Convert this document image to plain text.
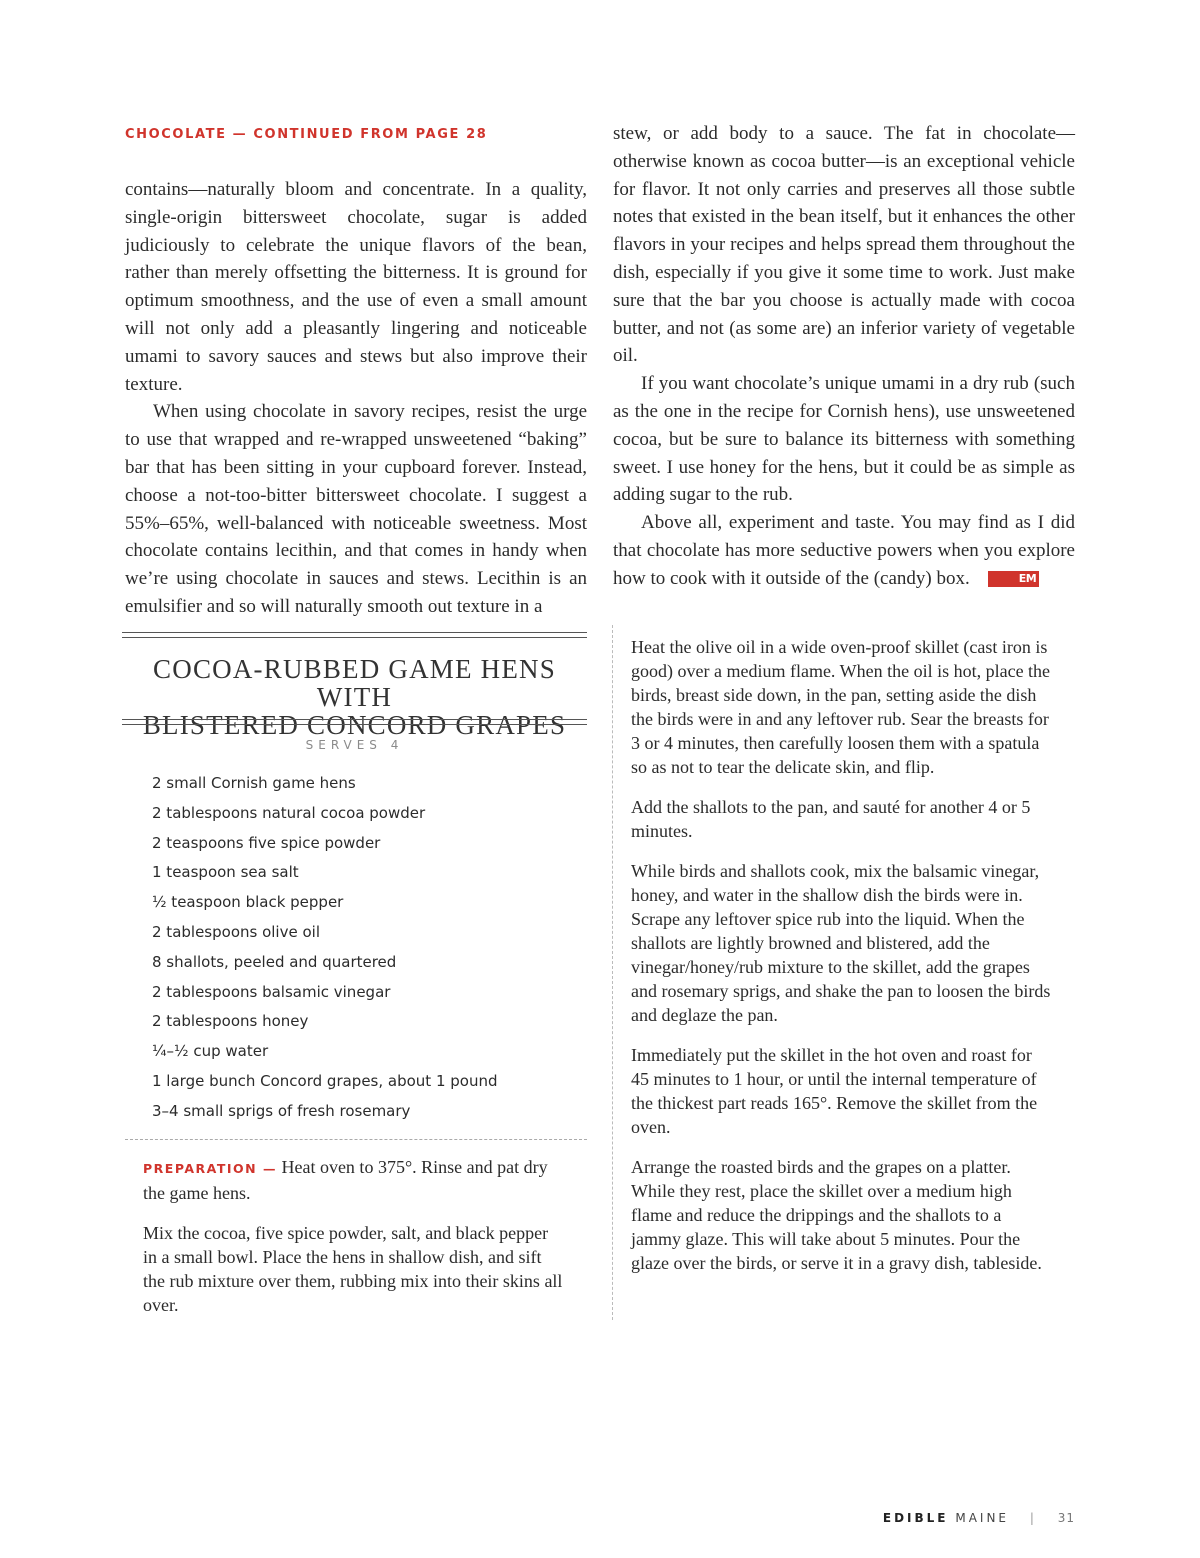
CHOCOLATE — CONTINUED FROM PAGE 28

contains—naturally bloom and concentrate. In a quality, single-origin bittersweet chocolate, sugar is added judiciously to celebrate the unique flavors of the bean, rather than merely offsetting the bitterness. It is ground for optimum smoothness, and the use of even a small amount will not only add a pleasantly lingering and noticeable umami to savory sauces and stews but also improve their texture.

When using chocolate in savory recipes, resist the urge to use that wrapped and re-wrapped unsweetened “baking” bar that has been sitting in your cupboard forever. Instead, choose a not-too-bitter bittersweet chocolate. I suggest a 55%–65%, well-balanced with noticeable sweetness. Most chocolate contains lecithin, and that comes in handy when we’re using chocolate in sauces and stews. Lecithin is an emulsifier and so will naturally smooth out texture in a

stew, or add body to a sauce. The fat in chocolate—otherwise known as cocoa butter—is an exceptional vehicle for flavor. It not only carries and preserves all those subtle notes that existed in the bean itself, but it enhances the other flavors in your recipes and helps spread them throughout the dish, especially if you give it some time to work. Just make sure that the bar you choose is actually made with cocoa butter, and not (as some are) an inferior variety of vegetable oil.

If you want chocolate’s unique umami in a dry rub (such as the one in the recipe for Cornish hens), use unsweetened cocoa, but be sure to balance its bitterness with something sweet. I use honey for the hens, but it could be as simple as adding sugar to the rub.

Above all, experiment and taste. You may find as I did that chocolate has more seductive powers when you explore how to cook with it outside of the (candy) box.	EM

COCOA-RUBBED GAME HENS WITH
BLISTERED CONCORD GRAPES
SERVES 4
2 small Cornish game hens
2 tablespoons natural cocoa powder
2 teaspoons five spice powder
1 teaspoon sea salt
½ teaspoon black pepper
2 tablespoons olive oil
8 shallots, peeled and quartered
2 tablespoons balsamic vinegar
2 tablespoons honey
¼–½ cup water
1 large bunch Concord grapes, about 1 pound
3–4 small sprigs of fresh rosemary

PREPARATION — Heat oven to 375°. Rinse and pat dry the game hens.

Mix the cocoa, five spice powder, salt, and black pepper in a small bowl. Place the hens in shallow dish, and sift the rub mixture over them, rubbing mix into their skins all over.

Heat the olive oil in a wide oven-proof skillet (cast iron is good) over a medium flame. When the oil is hot, place the birds, breast side down, in the pan, setting aside the dish the birds were in and any leftover rub. Sear the breasts for 3 or 4 minutes, then carefully loosen them with a spatula so as not to tear the delicate skin, and flip.

Add the shallots to the pan, and sauté for another 4 or 5 minutes.

While birds and shallots cook, mix the balsamic vinegar, honey, and water in the shallow dish the birds were in. Scrape any leftover spice rub into the liquid. When the shallots are lightly browned and blistered, add the vinegar/honey/rub mixture to the skillet, add the grapes and rosemary sprigs, and shake the pan to loosen the birds and deglaze the pan.

Immediately put the skillet in the hot oven and roast for 45 minutes to 1 hour, or until the internal temperature of the thickest part reads 165°. Remove the skillet from the oven.

Arrange the roasted birds and the grapes on a platter. While they rest, place the skillet over a medium high flame and reduce the drippings and the shallots to a jammy glaze. This will take about 5 minutes. Pour the glaze over the birds, or serve it in a gravy dish, tableside.

EDIBLE MAINE | 31
